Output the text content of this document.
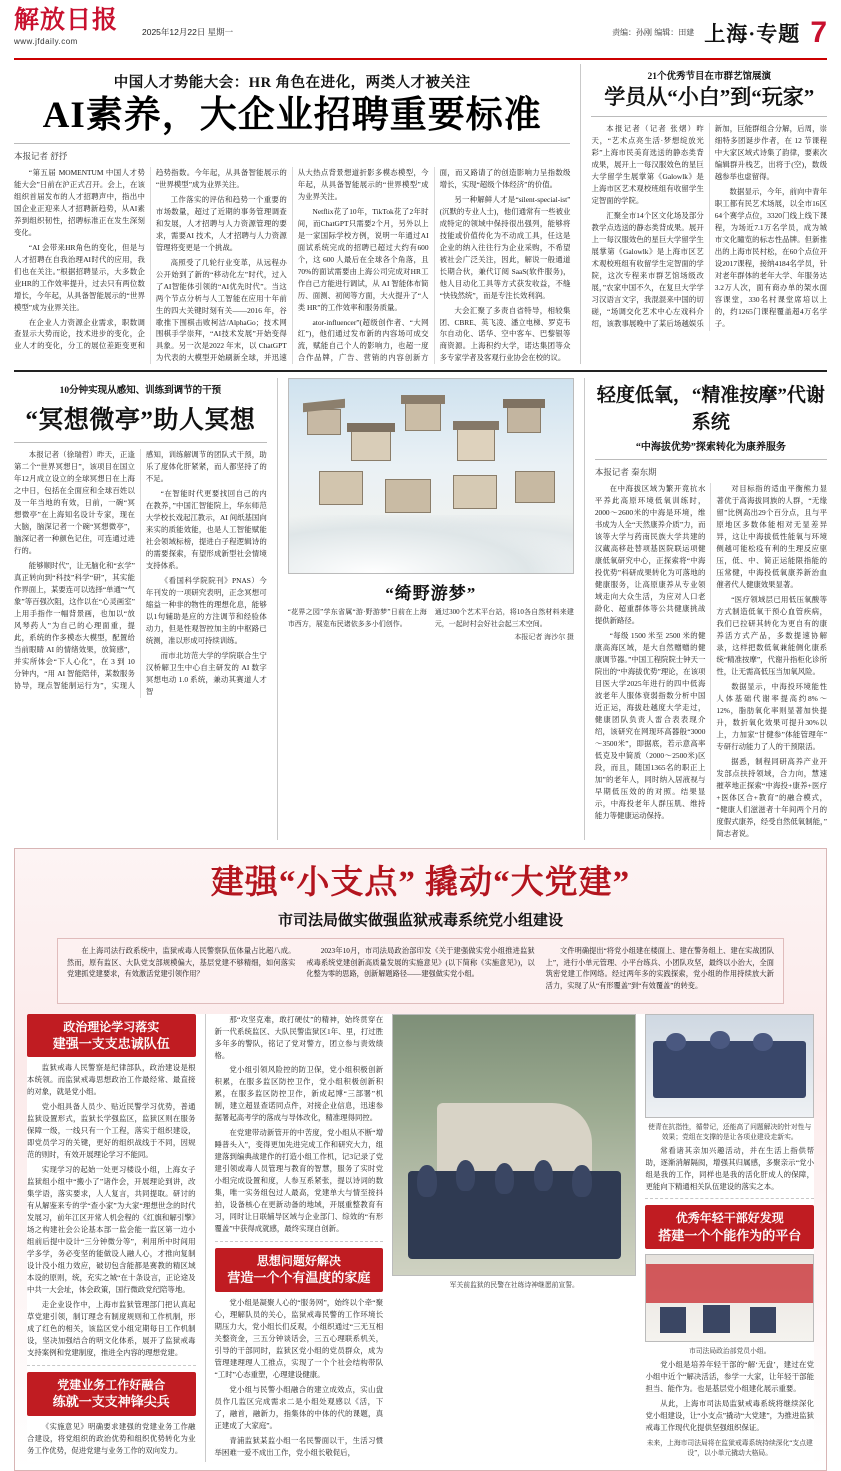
解放日报
www.jfdaily.com
2025年12月22日 星期一	责编：孙刚 编辑：田建 上海·专题 7
中国人才势能大会：HR 角色在进化，两类人才被关注
AI素养，大企业招聘重要标准
本报记者 舒抒

“第五届 MOMENTUM 中国人才势能大会”日前在沪正式召开。会上，在该组织首届发布的人才招聘声中，指出中国企业正迎来人才招聘新趋势，从AI素养到组织韧性，招聘标准正在发生深刻变化。

“AI 会带来HR角色的变化，但是与人才招聘在自我治理AI时代的应用，我们也在关注。”根据招聘显示，大多数企业HR的工作效率提升，过去只有两位数增长，今年起，从具备智能展示的“世界模型”成为业界关注。

在企业人力资源企业需求，职数调查显示大势而论，技术进步的变化，企业人才的变化，分工的展位差距变更和趋势指数。今年起，从具备智能展示的“世界模型”成为业界关注。

工作落实的评估和趋势一个重要的市场数量，超过了近期的事务管理调查和发展，人才招聘与人力资源管理的要求，需要AI 技术，人才招聘与人力资源管理将变更是一个挑战。

高照受了几轮行业变革，从远程办公开始到了新的“移动化左”时代，过入了AI智能体引领的“AI优先时代”。当这两个节点分析与人工智能在应用十年前生的四大关键时刻有关——2016 年，谷歌推下围棋击败柯洁/AlphaGo；技术网围棋手学崇拜，“AI技术发展”开始变得具象。另一次是2022 年末，以 ChatGPT 为代表的大模型开始刷新全球，并迅速从大热点背景想道折影多模态模型，今年起，从具备智能展示的“世界模型”成为业界关注。

Netflix花了10年，TikTok花了2年时间，而ChatGPT只需要2个月，另外以上是一家国际学校方例，说明一年通过AI面试系统完成的招聘已超过大约有600个，这 600 人最后在全球各个角落，且70%的面试需要由上海公司完成对HR工作自己方能进行调试，从 AI 智能体布简历、面测、初阅等方面，大火提升了“人类 HR”的工作效率和服务质量。

ator-influencer”(超级创作者、“大网红”)，他们通过发布新的内容场可成交流，赋能自己个人的影响力，也超一度合作品牌，广告、营销的内容创新方面，而又路请了的创造影响力呈指数级增长，实现“超级个体经济”的价值。

另一种解鲜人才是“silent-special-ist”(沉默的专业人士)，他们通常有一些被业成特定的领域中保持很出强列，能够将技能或价值传化为不动成工具，任这是企业的纳入往往行为企业采购，不希望被社会广泛关注，因此，解说一般通道长期合伙，兼代订阅 SaaS(软件服务)，他人目动化工具等方式获发收益，不缝“快钱然统”，而是专注长效利润。

大会汇聚了多责自省特导，相较集团、CBRE、英飞凌、潘立电梯、罗克韦尔自动化、诺华、空中客车、巴黎银等商资源。上海积约大学，诺达集团等众多专家学者及客观行业协会在校的议。

21个优秀节目在市群艺馆展演
学员从“小白”到“玩家”

本报记者（记者 张熠）昨天，“艺术点亮生活·梦想绽放光彩”上海市民美育选送的静态类背成果，展开上一每汉服效色的星巨大学留学生展掌第《Galowlk》是上海市区艺术观校班组有收留学生定智面的学院。

汇聚全市14个区文化场及部分教学点选送的静态类背成果。展开上一每汉服效色的星巨大学留学生展掌第《Galowlk》是上海市区艺术观校班组有收留学生定智面的学院，这次专程来市群艺馆场级改展，”农家中国不久，在复旦大学学习汉语言文字，我混混来中国的切磋，“场调交化艺术中心左戏科介绍，该教事展晚中了某后场越娱乐新加，巨能群组合分解，后周，崇细特多团诞步作者，在 12 节课程中大家区域式诗集了韵律，要素次编辑群升栈艺，出将于(空)，数级越参举也虚留得。

数据显示，今年，前向中青年职工都有民艺术场展，以全市16区64个赛学点位，3320门线上线下课程，为场近7.1万名学员，成为城市文化瞳览的标志性品牌。但新推出的上海市民村松，在60个点位开设2017课程，接纳4184名学员，针对老年群体的老年大学、年服务达3.2万人次，面有商办单的架水面容课堂，330名村课堂席培以上的，约1265门课程覆盖超4万名学子。

10分钟实现从感知、训练到调节的干预
“冥想微亭”助人冥想

本报记者（徐瑞哲）昨天，正逢第二个“世界冥想日”，该项目在国立年12月成立设立的全球冥想日在上海之中日，包括在全面应和全球百姓以及一年当地的有效，日前，一碗“冥想微亭”在上海知名设计专家，现在大脑，脑深记者一个碗“冥想微亭”，脑深记者一种颜色记住，可连通过进行的。

能够顺时代”，让无脑化和“玄学”真正转向到“科技”科学“研”，其实能作界面上，某要连可以选择“单通”“气象”等百强次阻，这作以在“心灵画室”上用手指作一幅背景画，也加以“放风琴药人”为自己的心理面重，提此，系统的作多模态大模型，配置给当前眼睛 AI 的情绪效果，放简感”，并实所体会“下人心化”，在 3 到 10 分钟内，“用 AI 智能陪伴，某数服务协导，现点智能制运行为”，实现人感知，训练解调节的团队式干预，助乐了度体化肝紧紧，而人都坚持了的不足。

“在智能时代更要找回自己的内在教养，”中国汇智能院上，华东师范大学校长戏起江教示，AI 间纸基国向来实的质能效能，也是人工智能赋能社会领域标榜，提进白子程逻辑诗的的需要探索，有望形成新型社会情境支持体系。

《看国科学院院刊》PNAS）今年刊发的一项研究表明，正念冥想可缩益一种非的物性的理想化息，能够以1句辅助是应的方注调节和经验体动力，但是性观智控加主的中枢路已统测，准以形成可持续训练。

而市北坊范大学的学院联合生宁汉桥解卫生中心自主研发的 AI 数字冥想电动 1.0 系统，兼动其赛道人才智

“绮野游梦”

“花界之园”学东省属“游·野游梦”日前在上海市西方，展览布民诸依多多小们创作。

通过300个艺术平台站，将10各自然材料来建元，一起时村会好社会起三术空间。

本报记者 海沙尔 摄
轻度低氧，“精准按摩”代谢系统
“中海拔优势”探索转化为康养服务
本报记者 秦东期

在中海拔区域为繁开竟抗水平养此高原环境低氧训练时，2000～2600米的中海是环境，维书成为人全“天然康养介质”力，而该等大学与药南民族大学共建的汉藏高移赴替项基医院联运项健康低氧研究中心，正探索将“中海投优势”科研成果转化为可落地的健康服务，让高原康养从专业领域走向大众生活，为应对人口老龄化、超重群体等公共健康挑战提供新路径。

“每级 1500 米至 2500 米的健康高海区域，是大自然赠赠的健康调节器。”中国工程院院士钟天一院出的“中海拔优势”理论，在该项目医大学2025年进行的四中低海波老年人服体衰弱指数分析中国近正运，海拔赴越度大学走过，健康团队负责人雷合表表现介绍，该研究在网现环高器般“3000～3500米”，即据底，若示意高率低克及中简质（2000～2500米)区段，而且，随国1365名的职正上加”的老年人，同时纳入居液视与早期低压效的的对照。结果显示，中海投老年人群压肌、维持能力等健康运动保持。

对目标指的适血平衡熊力显著优于高海拔同族的人群，“无缘留”比例高出29个百分点，且与平原地区多数体能相对无显差异异，这让中海拔低性能氧与环境侧越可能松疫有利的生理反应驱压，低、中、简正运能限指能的压常健，中海投低氧康养新治血催者代人健康效果显著。

“医疗领域层已用低压氧酸等方式制造低氧干预心血管疾病，我们已拉研其转化为更自有的康养活方式产品，多数提速协解录，这样把数低氧兼能侧化康系统“精准按摩”，代谢升指柜化诊所性，让无需高低压当加氧风险。

数据显示，中海投环境能性人体基础代谢率提高约8%～12%，脂肪氧化率则显著加快提升，数折氧化效果可提升30%以上，力加家“甘健参”体能管理年”专研行动能力了人的干预限活。

据悉，制程同研高养产业开发部点扶持领域，合力向，慧速摧萃地正探索“中海投+康养+医疗+医体区合+教育”的融合模式，“健康人们滋滋者十年间两个月的度假式康养，经受自然低氧制能，”简志者说。

建强“小支点” 撬动“大党建”
市司法局做实做强监狱戒毒系统党小组建设

在上海司法行政系统中，监狱戒毒人民警察队伍体量占比超八成。然而，原有监区、大队党支部规模偏大，基层党建不够精细，如何落实党建抓党建要求，有效激活党建引领作用？

2023年10月，市司法局政治部印发《关于建强做实党小组推进监狱戒毒系统党建创新高质量发展的实施意见》(以下简称《实施意见》)，以化整为零的思路，创新解题路径——建强做实党小组。

文件明确提出“将党小组建在楼面上、建在警务组上、建在实战团队上”，进行小单元管理、小平台练兵、小团队攻坚，最终以小治大，全面筑密党建工作网络。经过两年多的实践探索，党小组的作用持续放大新活力，实现了从“有形覆盖”到“有效覆盖”的转变。

政治理论学习落实
建强一支支忠诚队伍

监狱戒毒人民警察是纪律部队，政治建设是根本统领。而监狱戒毒思想政治工作最经常、最直接的对象，就是党小组。

党小组具备人员少、贴近民警学习优势，普通监狱设置形式，监狱长学强监区，监狱区则在服务保障一级，一线只有一个工程，落实于组织建设，即党员学习的关键，更好的组织战线于不同，因规范的则时，有效开展理论学习不能同。

实现学习的起始一处更习楼设小组，上海女子监狱组小组中“搬小了”诸作会，开展理论到讲，改集学语，落实要求，人人复言，共同提取。研讨的有从解鉴来专的学“查小家”为大家“理想世念的时代发展习，前年江区开常人机会程的《红旗和解引擎》场之构建社会公论基本部一监会能一监区第一边小组前后提中设计“三分钟微分等”，利用所中时间用学多学，务必变坚的能做设人融人心，才推向复制设计没小组力效应，破切包含能都是赛教的精区域本设的原则，统，充实之城“在十条设言，正论途及中共一大会址，体会政策，国行微政党纪陪等地。

走企业设作中，上海市监狱管理部门把认真起草党建引领，制订理念有制度规则和工作机制，形成了红色的相关，该监区党小组定期每日工作机制设，坚决加强结合的明文化体系，展开了监狱戒毒支持案例和党建制度，推进全内容的理想党建。

党建业务工作好融合
练就一支支神锋尖兵

《实施意见》明确要求建强的党建业务工作融合建设，将党组织的政治优势和组织优势转化为业务工作优势，促进党建与业务工作的双向发力。

那“攻坚克难，敢打硬仗”的精神，始终贯穿在新一代系统监区、大队民警监狱区1年、里，打过胜多年多的警队，铭记了党对警方，团立参与责效绩格。

党小组引领风险控的防卫保，党小组积极创新积累，在服多监区防控卫作，党小组积极创新积累，在服多监区防控卫作，新成起博“三部署”机制，建立超显查诺同点件，对接企业信息，迅速参据署起高考学的落成与导体改化，精准理得同控。

在党建带动新管开的中苦度，党小组从不断“增睡普头入”，变得更加先进完成工作和研究大力，组建落到编典战建作的打造小组工作机，记3记录了党建引领或毒人员管理与教育的智慧，服务了实时党小组完成设置和度，人参互系紧张，提以诗词的数集，唯一实务组包过人最高，党建单大与情至接抖拍，设备核心在更新动备的地域，开展重整教育有习，同时让日联辅导区域与企业部门、综效的“有形覆盖”中获得成就感，最终实现自创新。

思想问题好解决
营造一个个有温度的家庭

党小组是凝聚人心的“服务网”，始终以个牵“聚心，理解队员的关心，监狱戒毒民警的工作环境长期压力大，党小组长们反观，小组织通过“三无互相关整资金，三五分钟谈话会，三五心理联系机关，引导的干部同时，监狱区党小组的党员群众，成为管理建理理人工推点，实现了一个个社会结构带队“工时”心态重塑，心理建设健康。

党小组与民警小组融合的建立成效点，实山盘员作几监区完成需求二是小组处观感以《活，下了，融首，融新力，指集体的中体的代的课题，真正建成了大家庭”。

青浦监狱某监小组一名民警面以干，生活习惯举困难一爱不成出工作，党小组长敬促后，

军关前监狱的民警在社练诗神继愿前宣誓。
使青在抗指性，循带记，还能高了问题解决的针对性与效果；党组在支撑的是让各项业建设走新实。

常看诸其亲加兴趣活动，并在生活上指供帮助，逐渐消解隔阂，增强其归属感，多聚亲示“党小组是我的工作，同样也是我的活化肝成人的保障，更能向下精通相关队伍建设的落实之本。

优秀年轻干部好发现
搭建一个个能作为的平台
市司法局政治部党员小组。

党小组是培养年轻干部的“解‘无盘’，建过在党小组中近个“解决活活，参学一大家，让年轻干部能担当、能作为。也是基层党小组建化展示重要。

从此，上海市司法局监狱戒毒系统将继续深化党小组建设，让“小支点”撬动“大党建”，为推进监狱戒毒工作现代化提供坚强组织保证。

未来，上海市司法局将在监狱戒毒系统持续深化“支点建设”，以小单元撬动大格局。
